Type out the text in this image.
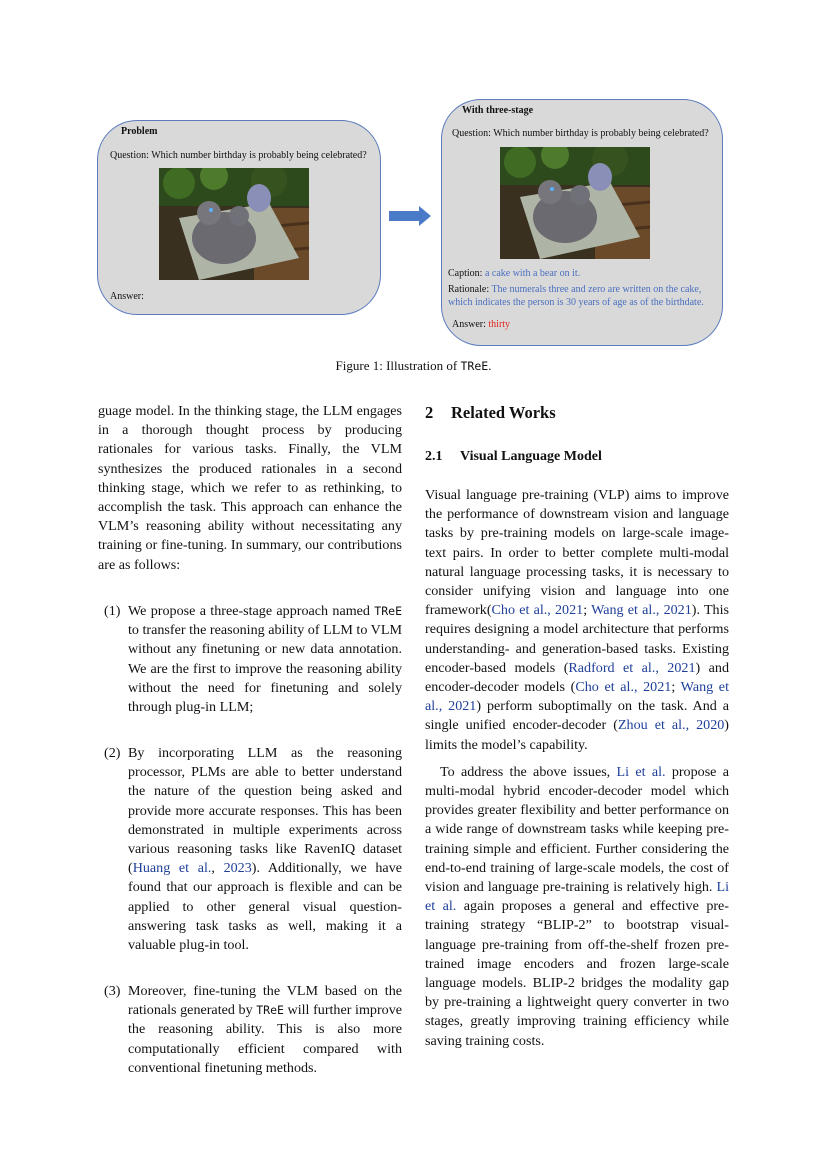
Problem
Question: Which number birthday is probably being celebrated?
Answer:
With three-stage
Question: Which number birthday is probably being celebrated?
Caption: a cake with a bear on it.
Rationale: The numerals three and zero are written on the cake,
which indicates the person is 30 years of age as of the birthdate.
Answer: thirty
Figure 1: Illustration of TReE.

guage model. In the thinking stage, the LLM engages in a thorough thought process by producing rationales for various tasks. Finally, the VLM synthesizes the produced rationales in a second thinking stage, which we refer to as rethinking, to accomplish the task. This approach can enhance the VLM’s reasoning ability without necessitating any training or fine-tuning. In summary, our contributions are as follows:

(1) We propose a three-stage approach named TReE to transfer the reasoning ability of LLM to VLM without any finetuning or new data annotation. We are the first to improve the reasoning ability without the need for finetuning and solely through plug-in LLM;
(2) By incorporating LLM as the reasoning processor, PLMs are able to better understand the nature of the question being asked and provide more accurate responses. This has been demonstrated in multiple experiments across various reasoning tasks like RavenIQ dataset (Huang et al., 2023). Additionally, we have found that our approach is flexible and can be applied to other general visual question-answering task tasks as well, making it a valuable plug-in tool.
(3) Moreover, fine-tuning the VLM based on the rationals generated by TReE will further improve the reasoning ability. This is also more computationally efficient compared with conventional finetuning methods.
2 Related Works
2.1 Visual Language Model

Visual language pre-training (VLP) aims to improve the performance of downstream vision and language tasks by pre-training models on large-scale image-text pairs. In order to better complete multi-modal natural language processing tasks, it is necessary to consider unifying vision and language into one framework(Cho et al., 2021; Wang et al., 2021). This requires designing a model architecture that performs understanding- and generation-based tasks. Existing encoder-based models (Radford et al., 2021) and encoder-decoder models (Cho et al., 2021; Wang et al., 2021) perform suboptimally on the task. And a single unified encoder-decoder (Zhou et al., 2020) limits the model’s capability.

To address the above issues, Li et al. propose a multi-modal hybrid encoder-decoder model which provides greater flexibility and better performance on a wide range of downstream tasks while keeping pre-training simple and efficient. Further considering the end-to-end training of large-scale models, the cost of vision and language pre-training is relatively high. Li et al. again proposes a general and effective pre-training strategy “BLIP-2” to bootstrap visual-language pre-training from off-the-shelf frozen pre-trained image encoders and frozen large-scale language models. BLIP-2 bridges the modality gap by pre-training a lightweight query converter in two stages, greatly improving training efficiency while saving training costs.
